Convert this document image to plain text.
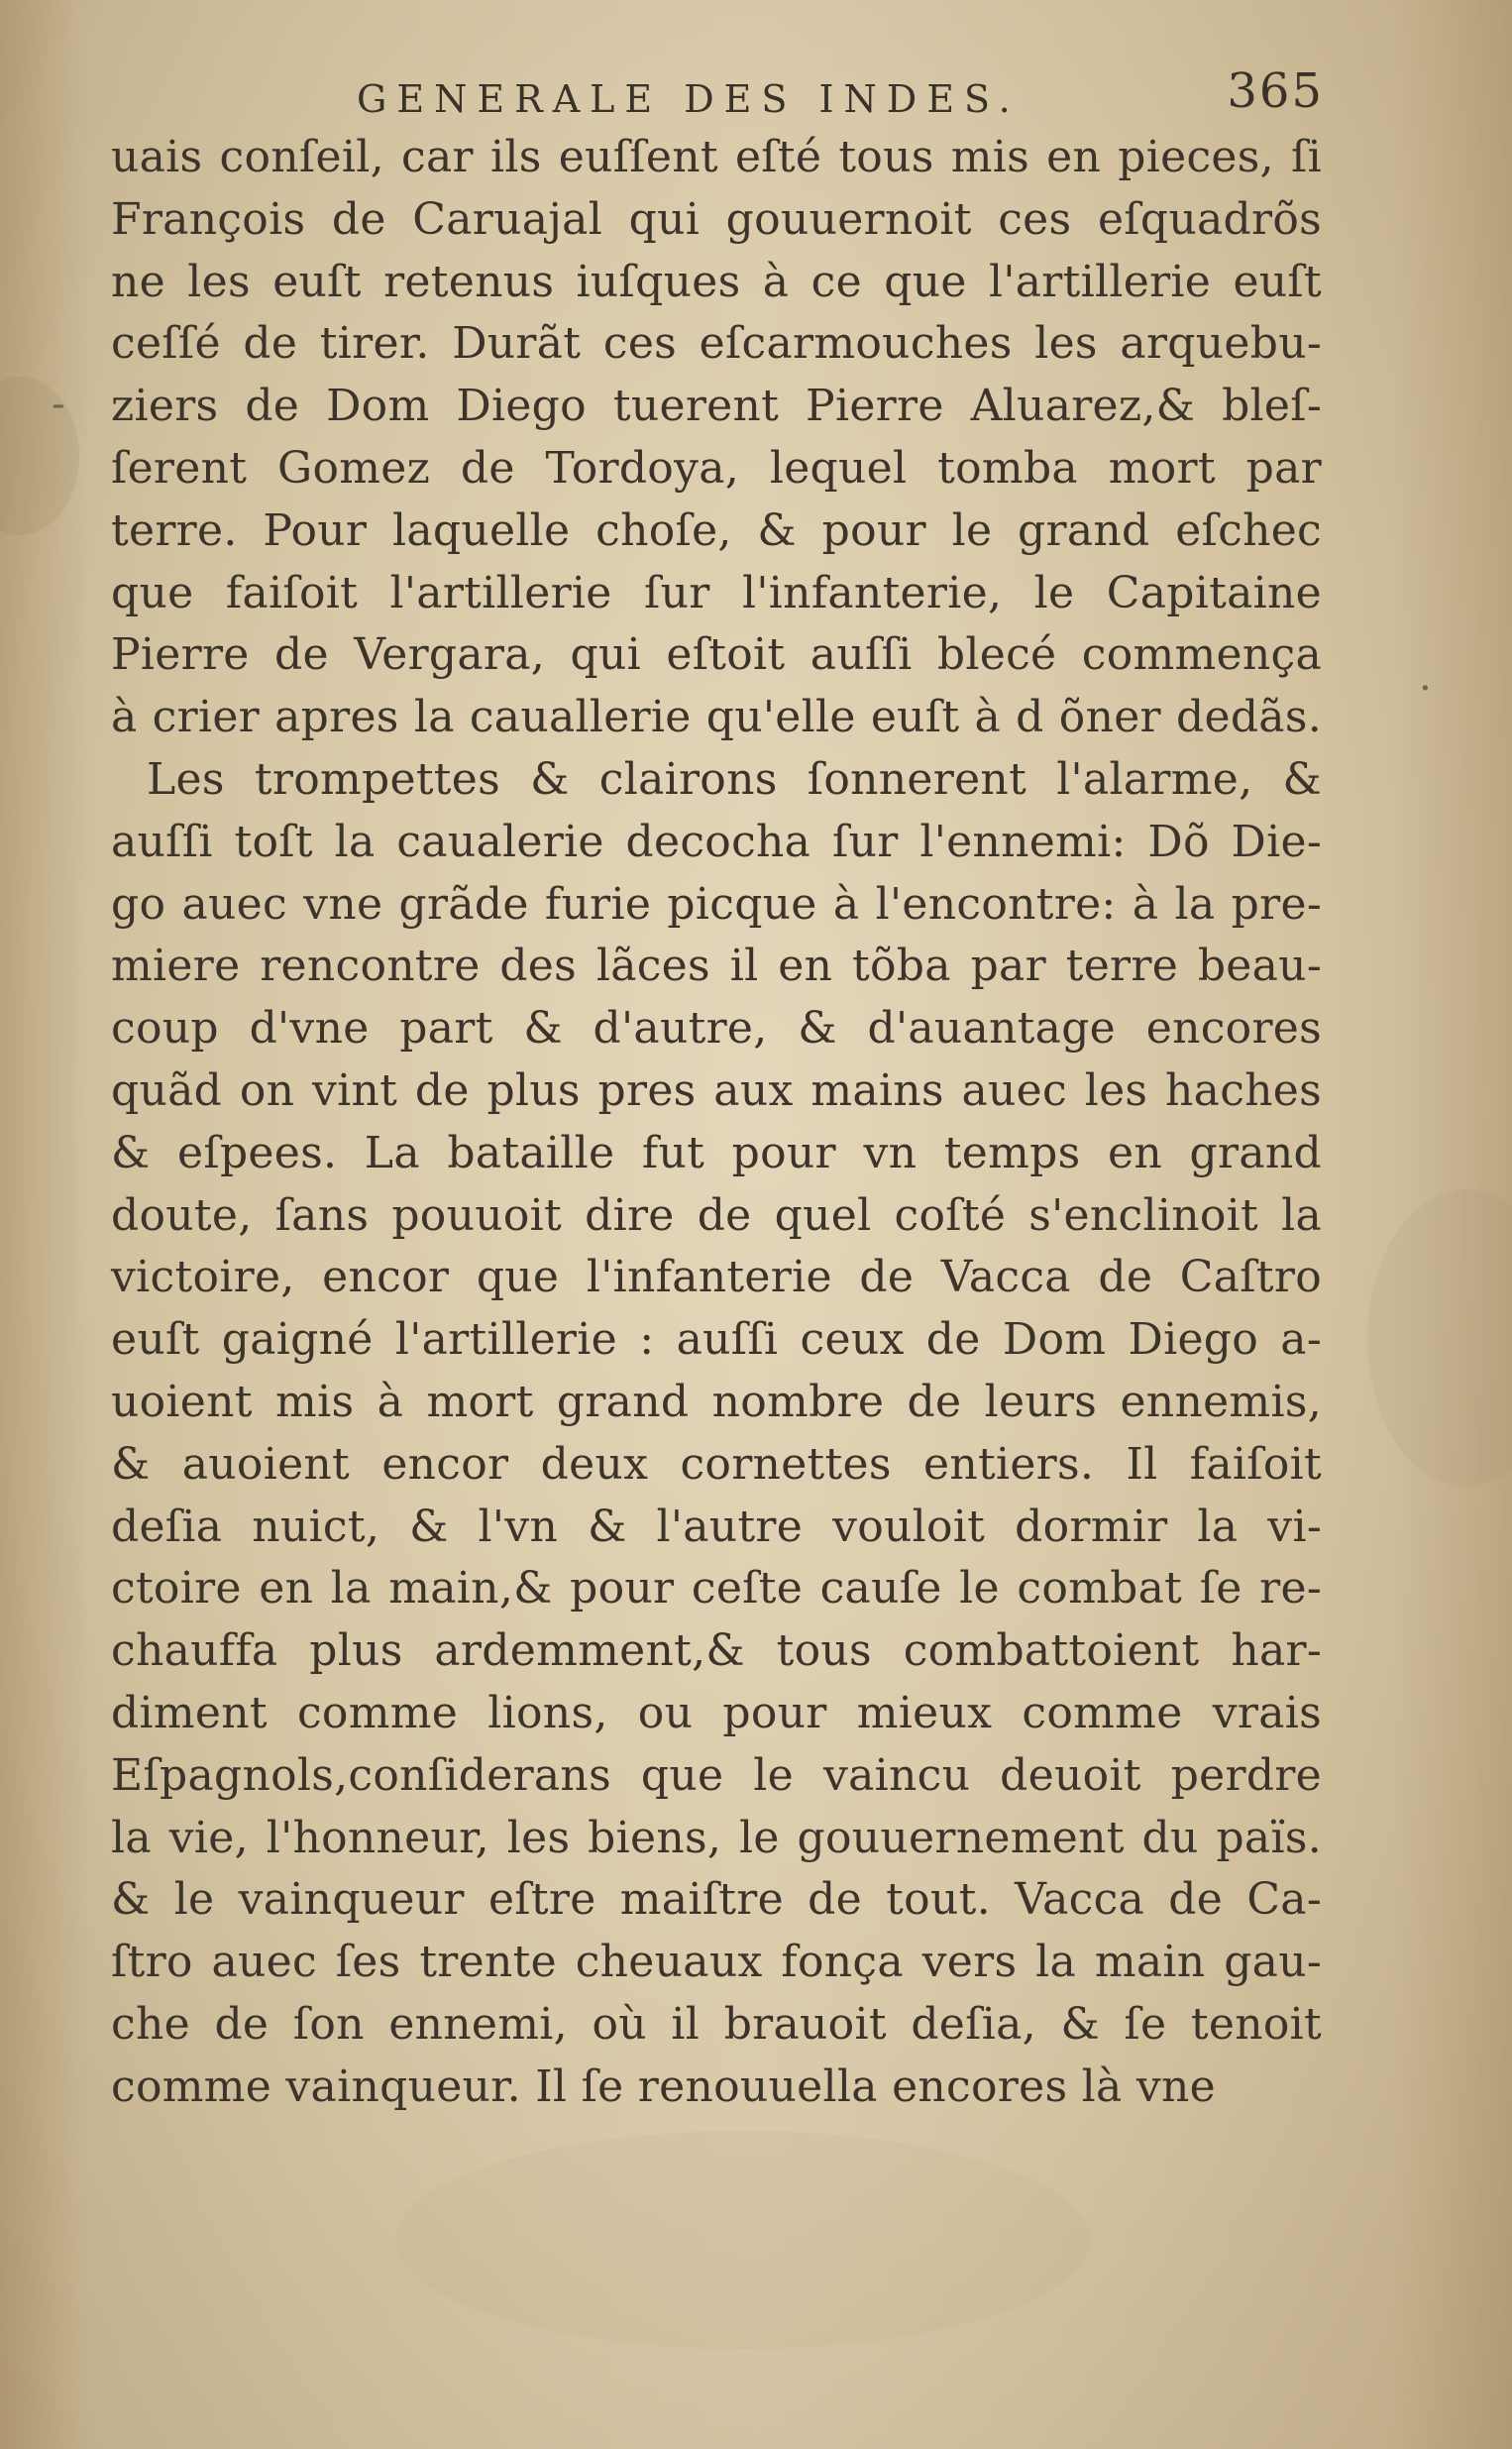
GENERALE DES INDES.	365
-
.
uais conſeil, car ils euſſent eſté tous mis en pieces, ſi
François de Caruajal qui gouuernoit ces eſquadrõs
ne les euſt retenus iuſques à ce que l'artillerie euſt
ceſſé de tirer. Durãt ces eſcarmouches les arquebu-
ziers de Dom Diego tuerent Pierre Aluarez,& bleſ-
ſerent Gomez de Tordoya, lequel tomba mort par
terre. Pour laquelle choſe, & pour le grand eſchec
que faiſoit l'artillerie ſur l'infanterie, le Capitaine
Pierre de Vergara, qui eſtoit auſſi blecé commença
à crier apres la cauallerie qu'elle euſt à d õner dedãs.
Les trompettes & clairons ſonnerent l'alarme, &
auſſi toſt la caualerie decocha ſur l'ennemi: Dõ Die-
go auec vne grãde furie picque à l'encontre: à la pre-
miere rencontre des lãces il en tõba par terre beau-
coup d'vne part & d'autre, & d'auantage encores
quãd on vint de plus pres aux mains auec les haches
& eſpees. La bataille fut pour vn temps en grand
doute, ſans pouuoit dire de quel coſté s'enclinoit la
victoire, encor que l'infanterie de Vacca de Caſtro
euſt gaigné l'artillerie : auſſi ceux de Dom Diego a-
uoient mis à mort grand nombre de leurs ennemis,
& auoient encor deux cornettes entiers. Il faiſoit
deſia nuict, & l'vn & l'autre vouloit dormir la vi-
ctoire en la main,& pour ceſte cauſe le combat ſe re-
chauffa plus ardemment,& tous combattoient har-
diment comme lions, ou pour mieux comme vrais
Eſpagnols,conſiderans que le vaincu deuoit perdre
la vie, l'honneur, les biens, le gouuernement du païs.
& le vainqueur eſtre maiſtre de tout. Vacca de Ca-
ſtro auec ſes trente cheuaux fonça vers la main gau-
che de ſon ennemi, où il brauoit deſia, & ſe tenoit
comme vainqueur. Il ſe renouuella encores là vne
